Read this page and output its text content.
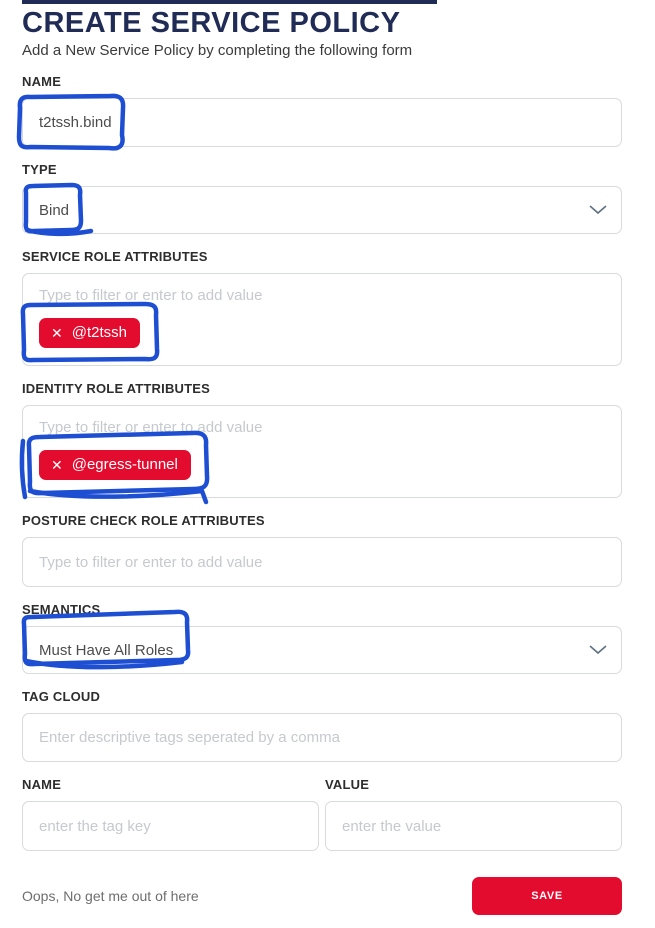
CREATE SERVICE POLICY

Add a New Service Policy by completing the following form

NAME
t2tssh.bind
TYPE
Bind
SERVICE ROLE ATTRIBUTES
Type to filter or enter to add value
✕ @t2tssh
IDENTITY ROLE ATTRIBUTES
Type to filter or enter to add value
✕ @egress-tunnel
POSTURE CHECK ROLE ATTRIBUTES
Type to filter or enter to add value
SEMANTICS
Must Have All Roles
TAG CLOUD
Enter descriptive tags seperated by a comma
NAME
enter the tag key	VALUE
enter the value
Oops, No get me out of here	SAVE
